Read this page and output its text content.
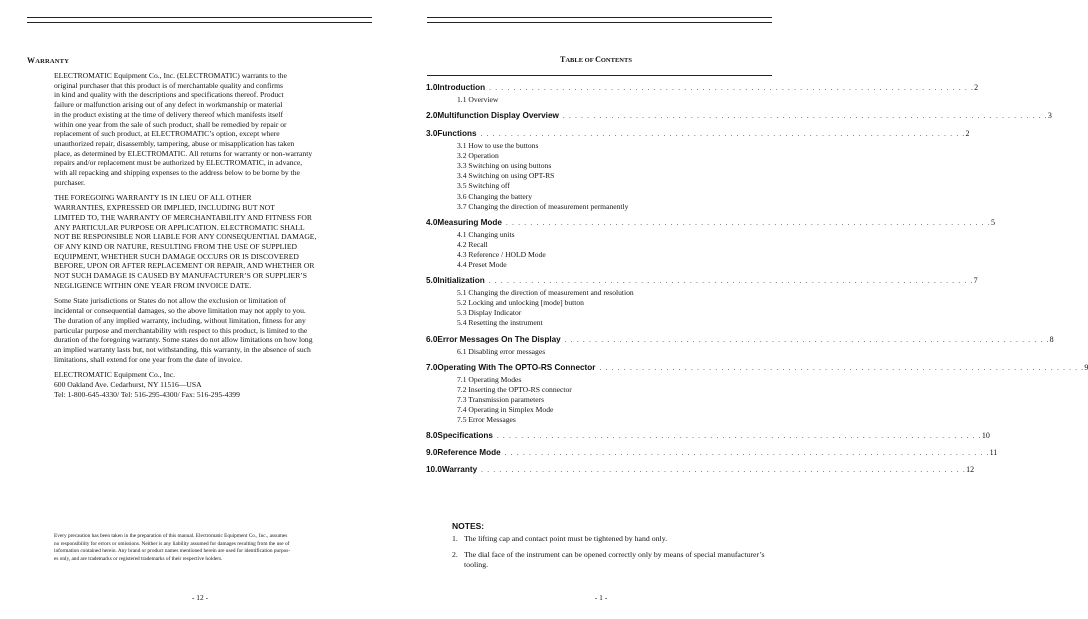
WARRANTY

ELECTROMATIC Equipment Co., Inc. (ELECTROMATIC) warrants to the
original purchaser that this product is of merchantable quality and confirms
in kind and quality with the descriptions and specifications thereof. Product
failure or malfunction arising out of any defect in workmanship or material
in the product existing at the time of delivery thereof which manifests itself
within one year from the sale of such product, shall be remedied by repair or
replacement of such product, at ELECTROMATIC’s option, except where
unauthorized repair, disassembly, tampering, abuse or misapplication has taken
place, as determined by ELECTROMATIC. All returns for warranty or non-warranty
repairs and/or replacement must be authorized by ELECTROMATIC, in advance,
with all repacking and shipping expenses to the address below to be borne by the
purchaser.

THE FOREGOING WARRANTY IS IN LIEU OF ALL OTHER
WARRANTIES, EXPRESSED OR IMPLIED, INCLUDING BUT NOT
LIMITED TO, THE WARRANTY OF MERCHANTABILITY AND FITNESS FOR
ANY PARTICULAR PURPOSE OR APPLICATION. ELECTROMATIC SHALL
NOT BE RESPONSIBLE NOR LIABLE FOR ANY CONSEQUENTIAL DAMAGE,
OF ANY KIND OR NATURE, RESULTING FROM THE USE OF SUPPLIED
EQUIPMENT, WHETHER SUCH DAMAGE OCCURS OR IS DISCOVERED
BEFORE, UPON OR AFTER REPLACEMENT OR REPAIR, AND WHETHER OR
NOT SUCH DAMAGE IS CAUSED BY MANUFACTURER’S OR SUPPLIER’S
NEGLIGENCE WITHIN ONE YEAR FROM INVOICE DATE.

Some State jurisdictions or States do not allow the exclusion or limitation of
incidental or consequential damages, so the above limitation may not apply to you.
The duration of any implied warranty, including, without limitation, fitness for any
particular purpose and merchantability with respect to this product, is limited to the
duration of the foregoing warranty. Some states do not allow limitations on how long
an implied warranty lasts but, not withstanding, this warranty, in the absence of such
limitations, shall extend for one year from the date of invoice.

ELECTROMATIC Equipment Co., Inc.
600 Oakland Ave. Cedarhurst, NY 11516—USA
Tel: 1-800-645-4330/ Tel: 516-295-4300/ Fax: 516-295-4399

Every precaution has been taken in the preparation of this manual. Electromatic Equipment Co., Inc., assumes
no responsibility for errors or omissions. Neither is any liability assumed for damages resulting from the use of
information contained herein. Any brand or product names mentioned herein are used for identification purpos-
es only, and are trademarks or registered trademarks of their respective holders.
- 12 -
TABLE OF CONTENTS
1.0 Introduction . . . . . . . . . . . . . . . . . . . . . . . . . . . . . . . . . . . . . . . . . . . . . . . . . . . . . . . . . . . . . . . . . . . . . . . . . . . . . . . . 2
1.1 Overview
2.0 Multifunction Display Overview . . . . . . . . . . . . . . . . . . . . . . . . . . . . . . . . . . . . . . . . . . . . . . . . . . . . . . . . . . . . . . . . . . . . . . . . . . . . . . . . 3
3.0 Functions . . . . . . . . . . . . . . . . . . . . . . . . . . . . . . . . . . . . . . . . . . . . . . . . . . . . . . . . . . . . . . . . . . . . . . . . . . . . . . . . 2
3.1 How to use the buttons
3.2 Operation
3.3 Switching on using buttons
3.4 Switching on using OPT-RS
3.5 Switching off
3.6 Changing the battery
3.7 Changing the direction of measurement permanently
4.0 Measuring Mode . . . . . . . . . . . . . . . . . . . . . . . . . . . . . . . . . . . . . . . . . . . . . . . . . . . . . . . . . . . . . . . . . . . . . . . . . . . . . . . . 5
4.1 Changing units
4.2 Recall
4.3 Reference / HOLD Mode
4.4 Preset Mode
5.0 Initialization . . . . . . . . . . . . . . . . . . . . . . . . . . . . . . . . . . . . . . . . . . . . . . . . . . . . . . . . . . . . . . . . . . . . . . . . . . . . . . . . 7
5.1 Changing the direction of measurement and resolution
5.2 Locking and unlocking [mode] button
5.3 Display Indicator
5.4 Resetting the instrument
6.0 Error Messages On The Display . . . . . . . . . . . . . . . . . . . . . . . . . . . . . . . . . . . . . . . . . . . . . . . . . . . . . . . . . . . . . . . . . . . . . . . . . . . . . . . . 8
6.1 Disabling error messages
7.0 Operating With The OPTO-RS Connector . . . . . . . . . . . . . . . . . . . . . . . . . . . . . . . . . . . . . . . . . . . . . . . . . . . . . . . . . . . . . . . . . . . . . . . . . . . . . . . . 9
7.1 Operating Modes
7.2 Inserting the OPTO-RS connector
7.3 Transmission parameters
7.4 Operating in Simplex Mode
7.5 Error Messages
8.0 Specifications . . . . . . . . . . . . . . . . . . . . . . . . . . . . . . . . . . . . . . . . . . . . . . . . . . . . . . . . . . . . . . . . . . . . . . . . . . . . . . . . 10
9.0 Reference Mode . . . . . . . . . . . . . . . . . . . . . . . . . . . . . . . . . . . . . . . . . . . . . . . . . . . . . . . . . . . . . . . . . . . . . . . . . . . . . . . . 11
10.0 Warranty . . . . . . . . . . . . . . . . . . . . . . . . . . . . . . . . . . . . . . . . . . . . . . . . . . . . . . . . . . . . . . . . . . . . . . . . . . . . . . . . 12
NOTES:
1. The lifting cap and contact point must be tightened by hand only.
2. The dial face of the instrument can be opened correctly only by means of special manufacturer’s tooling.
- 1 -
